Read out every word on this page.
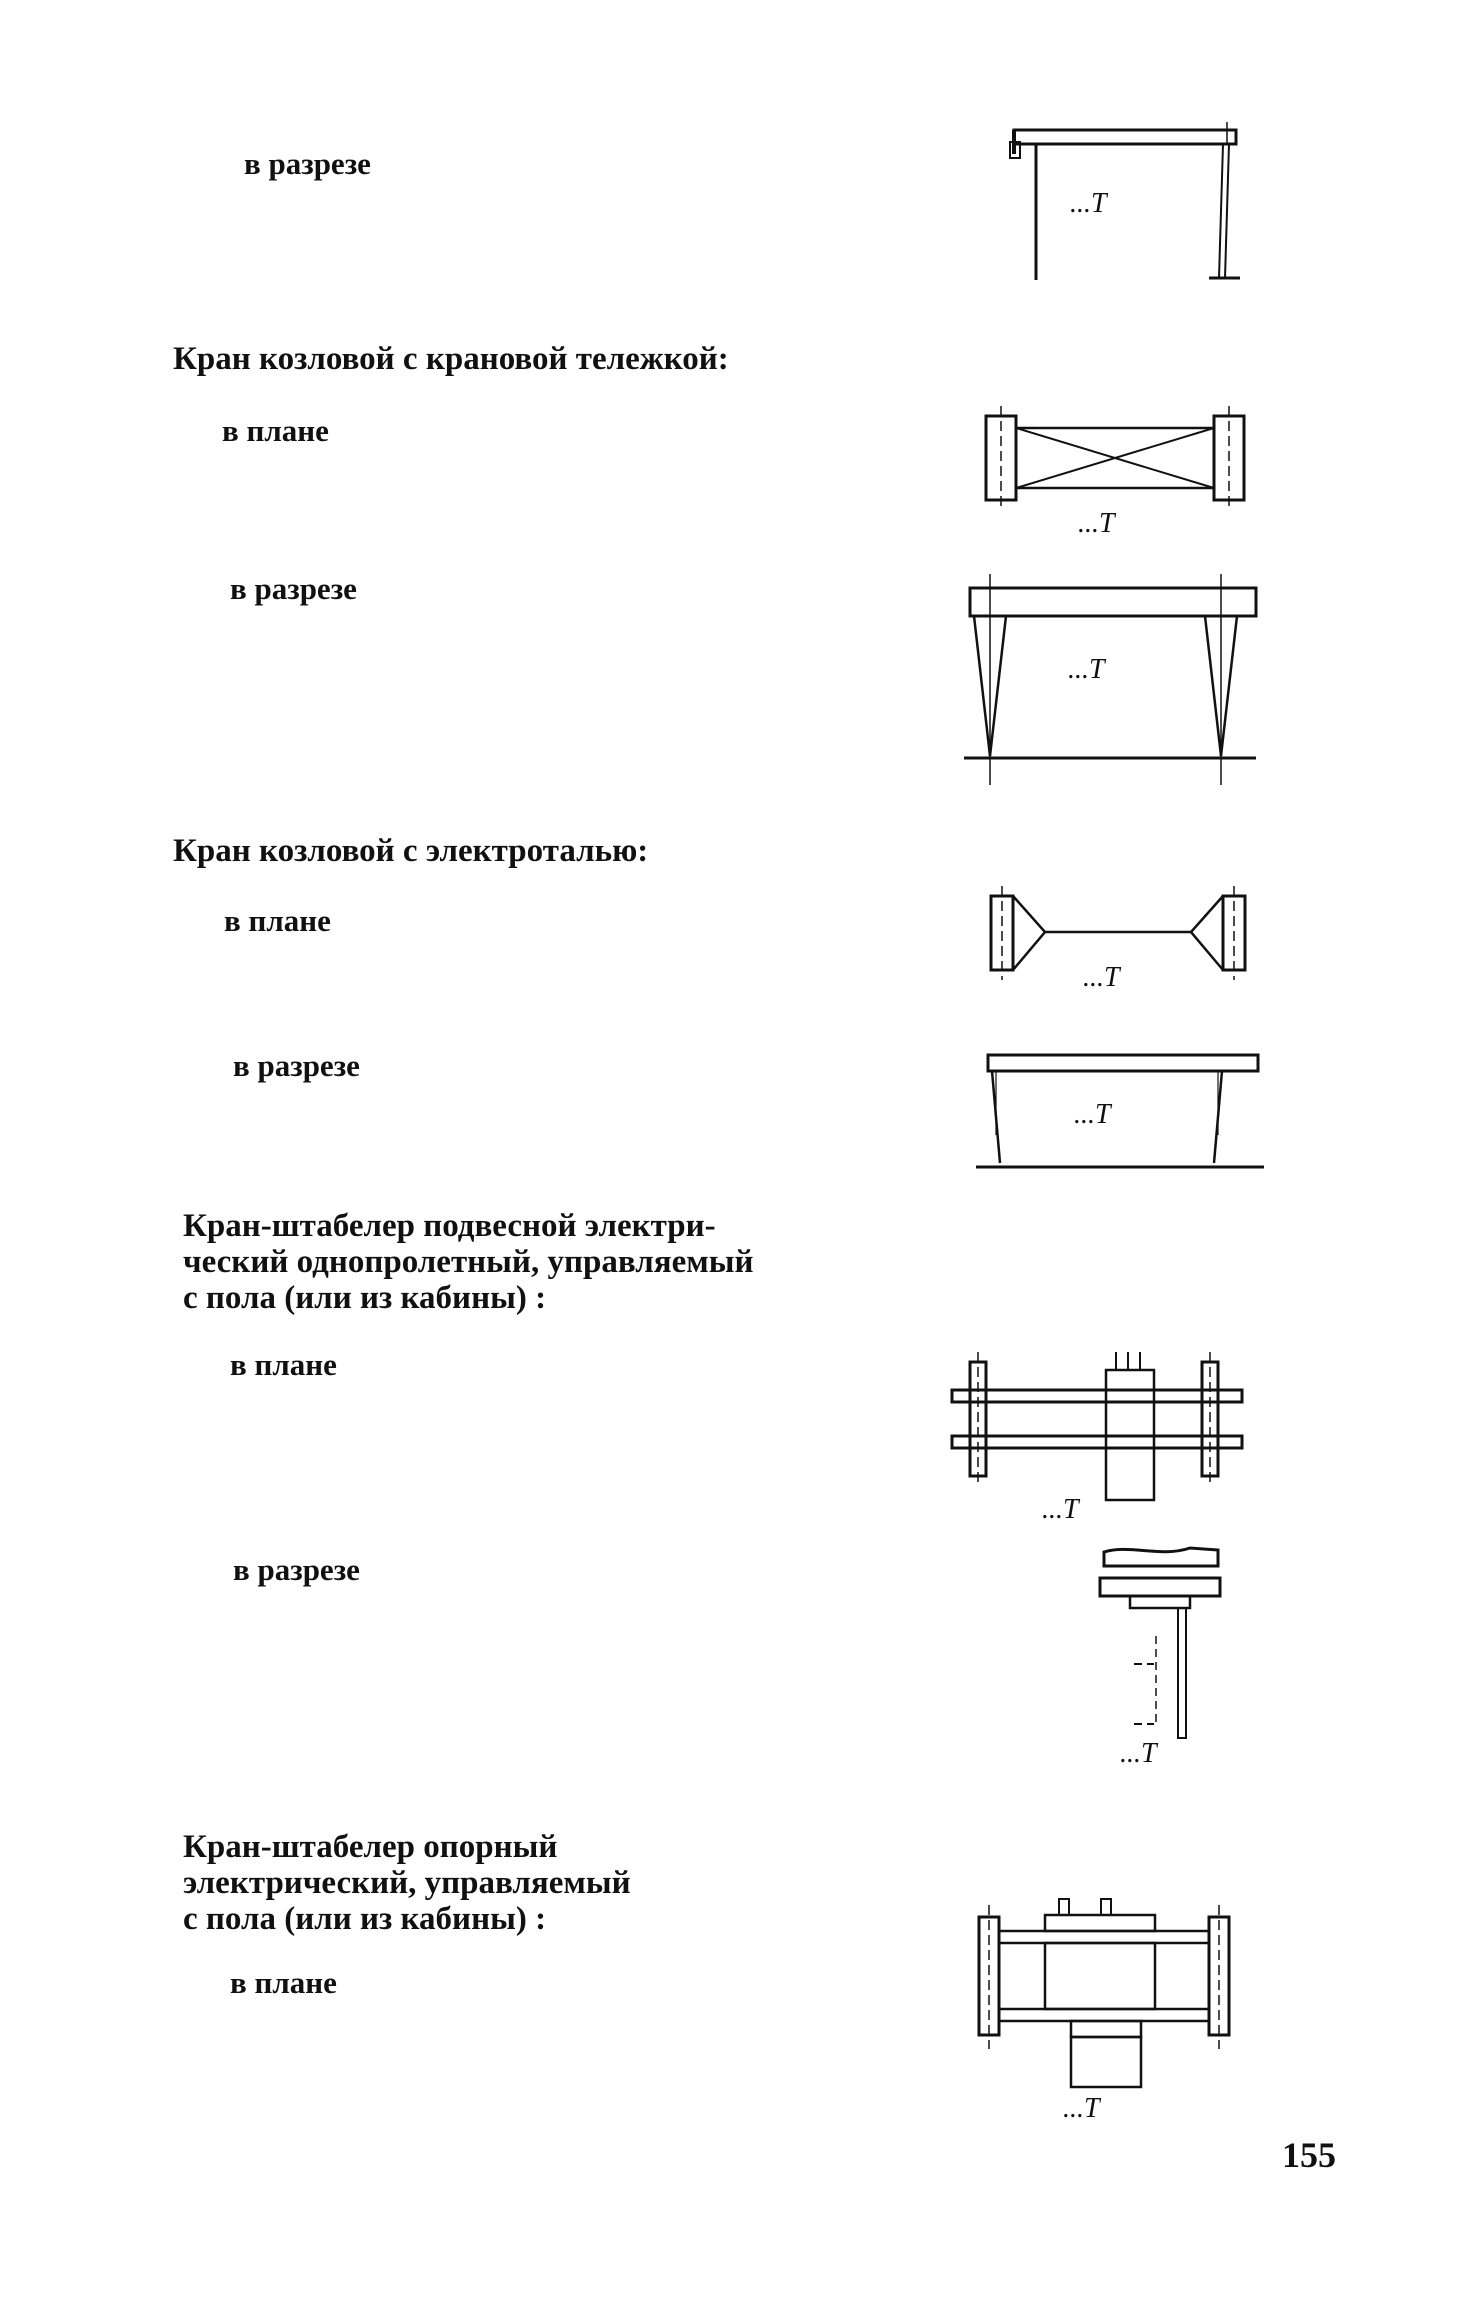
в разрезе
...Т
Кран козловой с крановой тележкой:
в плане
...Т
в разрезе
...Т
Кран козловой с электроталью:
в плане
...Т
в разрезе
...Т
Кран-штабелер подвесной электри-
ческий однопролетный, управляемый
с пола (или из кабины) :
в плане
...Т
в разрезе
...Т
Кран-штабелер опорный
электрический, управляемый
с пола (или из кабины) :
в плане
...Т
155
